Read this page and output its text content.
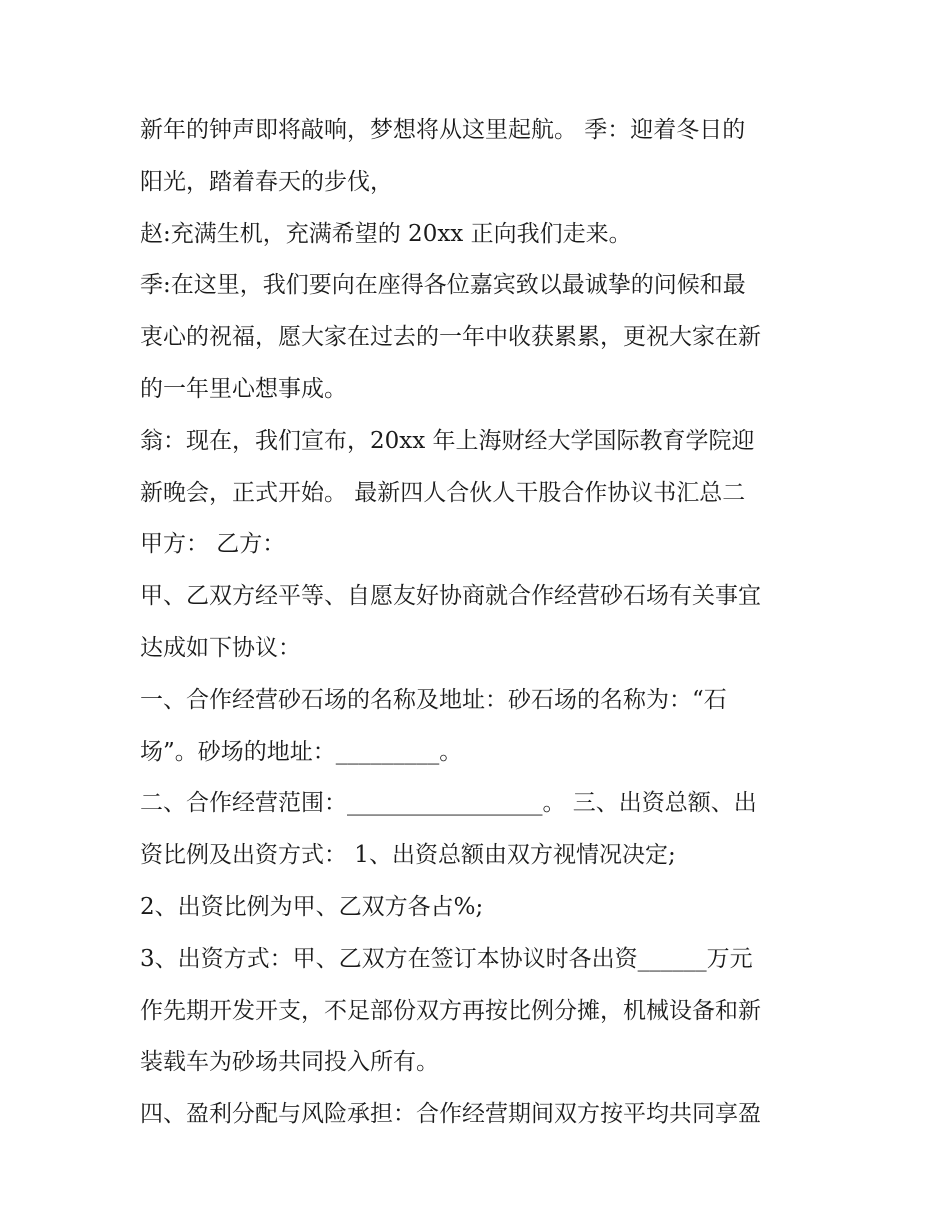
新年的钟声即将敲响，梦想将从这里起航。 季：迎着冬日的
阳光，踏着春天的步伐，
赵:充满生机，充满希望的 20xx 正向我们走来。
季:在这里，我们要向在座得各位嘉宾致以最诚挚的问候和最
衷心的祝福，愿大家在过去的一年中收获累累，更祝大家在新
的一年里心想事成。
翁：现在，我们宣布，20xx 年上海财经大学国际教育学院迎
新晚会，正式开始。 最新四人合伙人干股合作协议书汇总二
甲方： 乙方：
甲、乙双方经平等、自愿友好协商就合作经营砂石场有关事宜
达成如下协议：
一、合作经营砂石场的名称及地址：砂石场的名称为：“石
场”。砂场的地址：_________。
二、合作经营范围：_________________。 三、出资总额、出
资比例及出资方式： 1、出资总额由双方视情况决定;
2、出资比例为甲、乙双方各占%;
3、出资方式：甲、乙双方在签订本协议时各出资______万元
作先期开发开支，不足部份双方再按比例分摊，机械设备和新
装载车为砂场共同投入所有。
四、盈利分配与风险承担：合作经营期间双方按平均共同享盈
